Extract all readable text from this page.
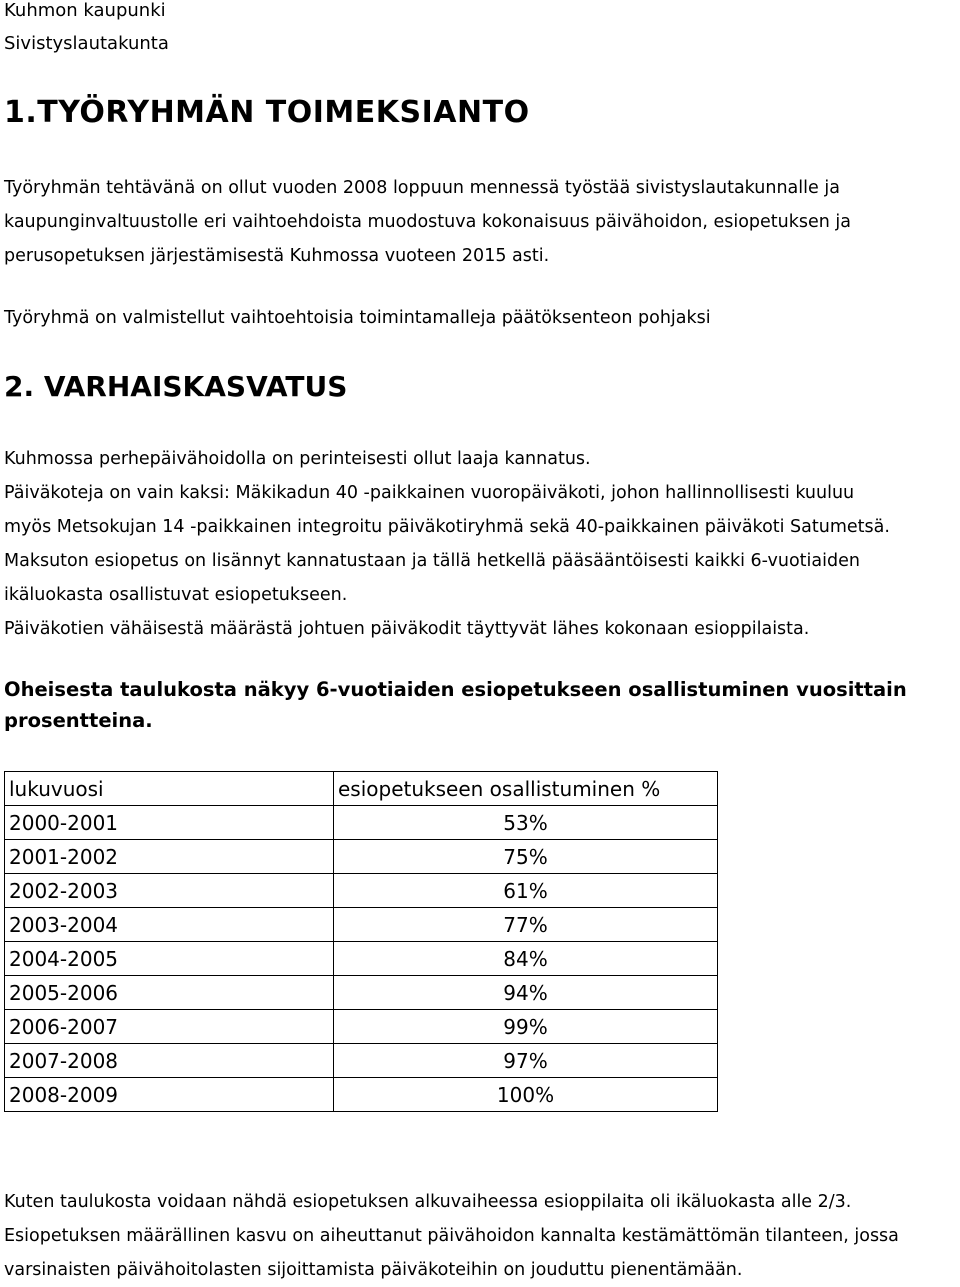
Kuhmon kaupunki

Sivistyslautakunta

1.TYÖRYHMÄN TOIMEKSIANTO
Työryhmän tehtävänä on ollut vuoden 2008 loppuun mennessä työstää sivistyslautakunnalle ja
kaupunginvaltuustolle eri vaihtoehdoista muodostuva kokonaisuus päivähoidon, esiopetuksen ja
perusopetuksen järjestämisestä Kuhmossa vuoteen 2015 asti.

Työryhmä on valmistellut vaihtoehtoisia toimintamalleja päätöksenteon pohjaksi

2. VARHAISKASVATUS
Kuhmossa perhepäivähoidolla on perinteisesti ollut laaja kannatus.
Päiväkoteja on vain kaksi: Mäkikadun 40 -paikkainen vuoropäiväkoti, johon hallinnollisesti kuuluu
myös Metsokujan 14 -paikkainen integroitu päiväkotiryhmä sekä 40-paikkainen päiväkoti Satumetsä.
Maksuton esiopetus on lisännyt kannatustaan ja tällä hetkellä pääsääntöisesti kaikki 6-vuotiaiden
ikäluokasta osallistuvat esiopetukseen.
Päiväkotien vähäisestä määrästä johtuen päiväkodit täyttyvät lähes kokonaan esioppilaista.
Oheisesta taulukosta näkyy 6-vuotiaiden esiopetukseen osallistuminen vuosittain
prosentteina.
lukuvuosi	esiopetukseen osallistuminen %
2000-2001	53%
2001-2002	75%
2002-2003	61%
2003-2004	77%
2004-2005	84%
2005-2006	94%
2006-2007	99%
2007-2008	97%
2008-2009	100%
Kuten taulukosta voidaan nähdä esiopetuksen alkuvaiheessa esioppilaita oli ikäluokasta alle 2/3.
Esiopetuksen määrällinen kasvu on aiheuttanut päivähoidon kannalta kestämättömän tilanteen, jossa
varsinaisten päivähoitolasten sijoittamista päiväkoteihin on jouduttu pienentämään.
